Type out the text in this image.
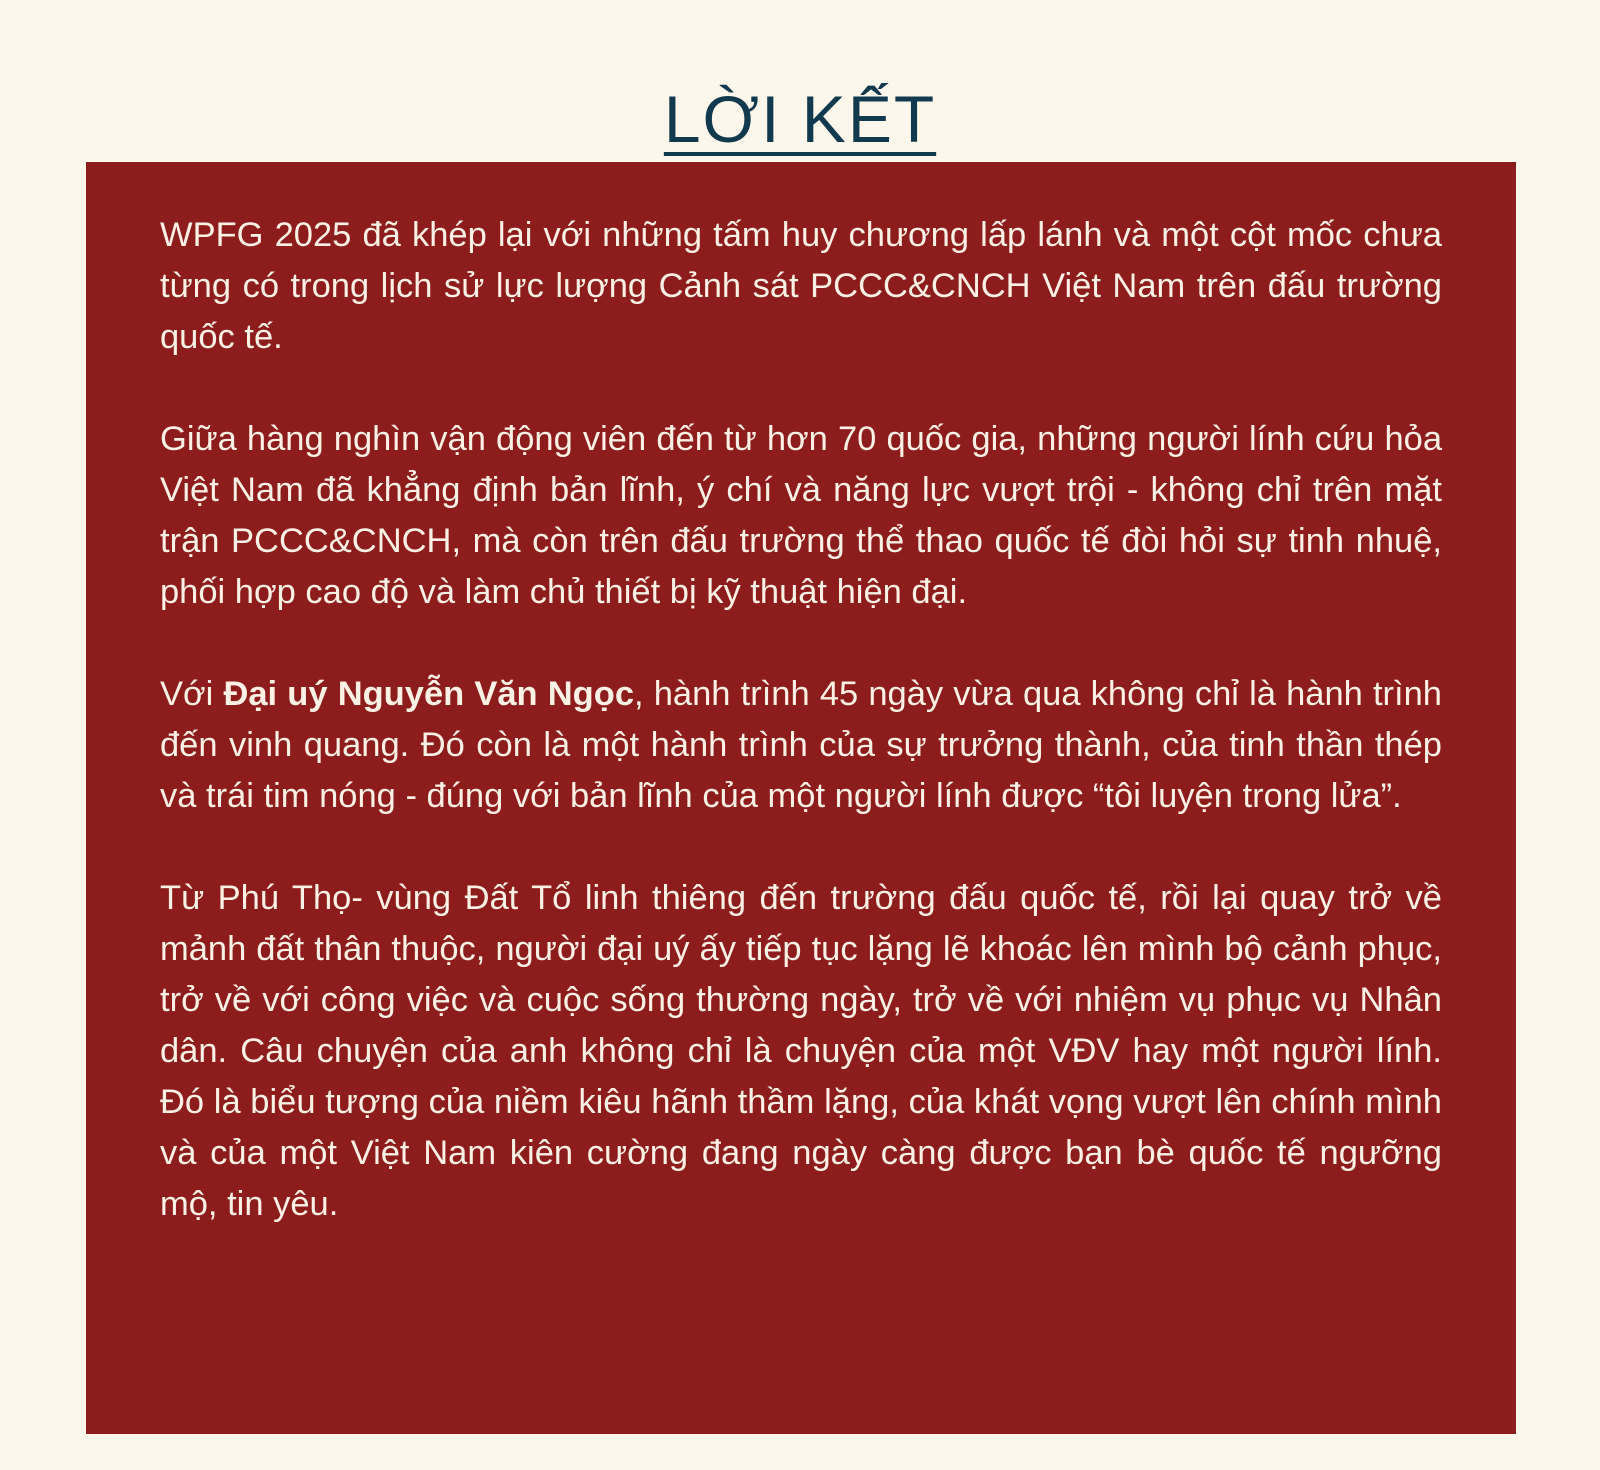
LỜI KẾT

WPFG 2025 đã khép lại với những tấm huy chương lấp lánh và một cột mốc chưa từng có trong lịch sử lực lượng Cảnh sát PCCC&CNCH Việt Nam trên đấu trường quốc tế.

Giữa hàng nghìn vận động viên đến từ hơn 70 quốc gia, những người lính cứu hỏa Việt Nam đã khẳng định bản lĩnh, ý chí và năng lực vượt trội - không chỉ trên mặt trận PCCC&CNCH, mà còn trên đấu trường thể thao quốc tế đòi hỏi sự tinh nhuệ, phối hợp cao độ và làm chủ thiết bị kỹ thuật hiện đại.

Với Đại uý Nguyễn Văn Ngọc, hành trình 45 ngày vừa qua không chỉ là hành trình đến vinh quang. Đó còn là một hành trình của sự trưởng thành, của tinh thần thép và trái tim nóng - đúng với bản lĩnh của một người lính được “tôi luyện trong lửa”.

Từ Phú Thọ- vùng Đất Tổ linh thiêng đến trường đấu quốc tế, rồi lại quay trở về mảnh đất thân thuộc, người đại uý ấy tiếp tục lặng lẽ khoác lên mình bộ cảnh phục, trở về với công việc và cuộc sống thường ngày, trở về với nhiệm vụ phục vụ Nhân dân. Câu chuyện của anh không chỉ là chuyện của một VĐV hay một người lính. Đó là biểu tượng của niềm kiêu hãnh thầm lặng, của khát vọng vượt lên chính mình và của một Việt Nam kiên cường đang ngày càng được bạn bè quốc tế ngưỡng mộ, tin yêu.
